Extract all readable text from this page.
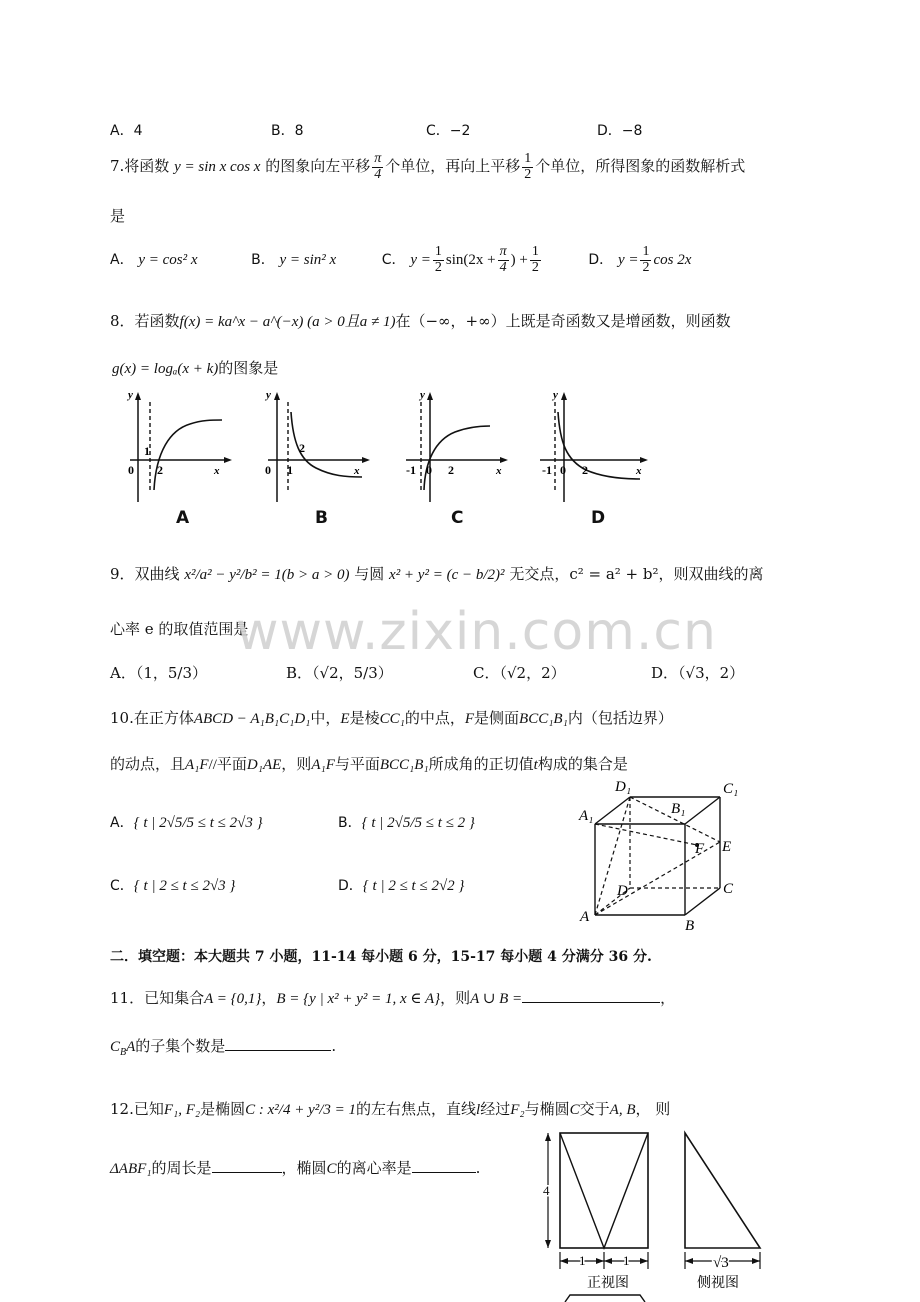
A．4	B．8	C．−2	D．−8
7.将函数 y = sin x cos x 的图象向左平移 $\frac{\pi}{4}$ 个单位，再向上平移 $\frac{1}{2}$ 个单位，所得图象的函数解析式
是
A． y = cos² x	B． y = sin² x	C． $y = \frac{1}{2} \sin(2x + \frac{\pi}{4}$ ) + $\frac{1}{2}$	D． $y = \frac{1}{2}$ cos 2x
8．若函数f(x) = ka^x − a^(−x) (a > 0且a ≠ 1)在（−∞，+∞）上既是奇函数又是增函数，则函数
g(x) = logₐ(x + k)的图象是
y
0
1
2	x
y
0 1
2
x
y
-1 0 2	x
y
-1 0 2	x
A	B	C	D
9．双曲线 x²/a² − y²/b² = 1(b > a > 0) 与圆 x² + y² = (c − b/2)² 无交点，c² = a² + b²，则双曲线的离
心率 e 的取值范围是
www.zixin.com.cn
A．（1，5/3）	B．（√2，5/3）	C．（√2，2）	D．（√3，2）
10.在正方体ABCD − A₁B₁C₁D₁中，E是棱CC₁的中点，F是侧面BCC₁B₁内（包括边界）
的动点，且A₁F//平面D₁AE，则A₁F与平面BCC₁B₁所成角的正切值t构成的集合是
A．{ t | 2√5/5 ≤ t ≤ 2√3 }	B．{ t | 2√5/5 ≤ t ≤ 2 }
C．{ t | 2 ≤ t ≤ 2√3 }	D．{ t | 2 ≤ t ≤ 2√2 }
D₁	C₁
A₁	B₁
F E
D	C
A
B
二．填空题：本大题共 7 小题，11-14 每小题 6 分，15-17 每小题 4 分满分 36 分.
11．已知集合A = {0,1}，B = {y | x² + y² = 1, x ∈ A}，则A ∪ B =	，
$C_BA$的子集个数是	.
12.已知F₁, F₂是椭圆C : x²/4 + y²/3 = 1的左右焦点，直线l经过F₂与椭圆C交于A, B， 则
ΔABF₁的周长是	，椭圆C的离心率是	.
4
1	1	√3
正视图	侧视图
